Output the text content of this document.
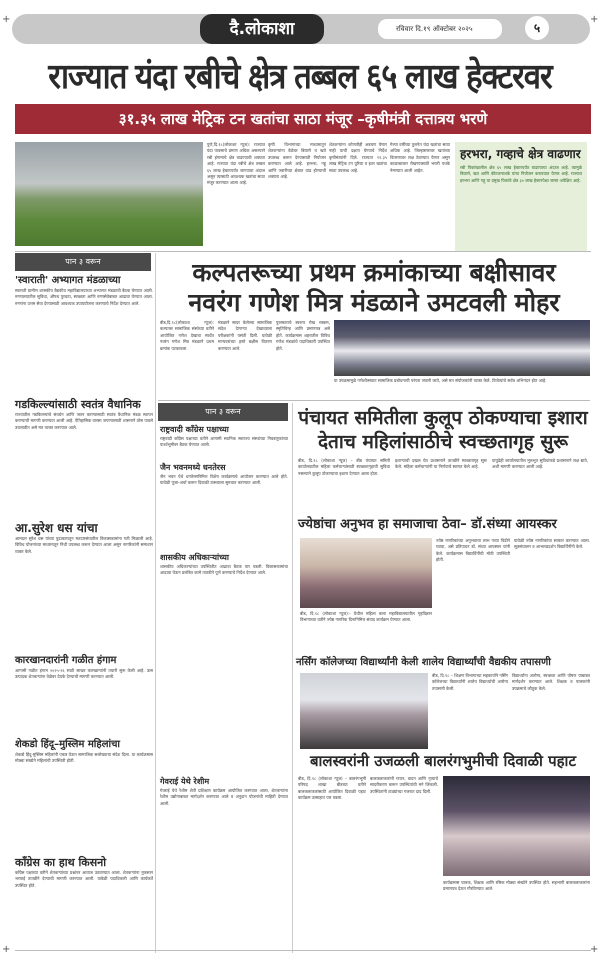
+	+
दै.लोकाशा	रविवार दि.१९ ऑक्टोबर २०२५	५
राज्यात यंदा रबीचे क्षेत्र तब्बल ६५ लाख हेक्टरवर
३१.३५ लाख मेट्रिक टन खतांचा साठा मंजूर –कृषीमंत्री दत्तात्रय भरणे
पुणे,दि.१८(लोकाशा न्यूज): राज्यात यंदा पावसाचे प्रमाण अधिक असल्याने रबी हंगामाचे क्षेत्र वाढण्याची शक्यता आहे. राज्यात यंदा रबीचे क्षेत्र तब्बल ६५ लाख हेक्टरपर्यंत जाण्याचा अंदाज असून त्यासाठी आवश्यक खतांचा साठा मंजूर करण्यात आला आहे.
कृषी विभागाच्या माध्यमातून शेतकऱ्यांना वेळेवर बियाणे व खते उपलब्ध करून देण्यासाठी नियोजन करण्यात आले आहे. हरभरा, गहू आणि ज्वारीच्या क्षेत्रात वाढ होण्याची शक्यता आहे.
शेतकऱ्यांना कोणतीही अडचण येणार नाही याची दक्षता घेण्याचे निर्देश कृषीमंत्र्यांनी दिले. राज्यात ११.३५ लाख मेट्रिक टन युरिया व इतर खतांचा साठा उपलब्ध आहे.
गेल्या वर्षीच्या तुलनेत यंदा खतांचा साठा अधिक आहे. जिल्हास्तरावर खतांच्या वितरणावर लक्ष ठेवण्यात येणार असून काळाबाजार रोखण्यासाठी भरारी पथके नेमण्यात आली आहेत.
हरभरा, गव्हाचे क्षेत्र वाढणार
रबी पिकांखालील क्षेत्र ६५ लाख हेक्टरपर्यंत वाढण्याचा अंदाज आहे. त्यामुळे बियाणे, खत आणि कीटकनाशके यांचा नियोजन करावयात येणार आहे. राज्यात हरभरा आणि गहू या प्रमुख पिकांचे क्षेत्र ३० लाख हेक्टरपेक्षा जास्त अपेक्षित आहे.
पान ३ वरून
'स्वाराती' अभ्यागत मंडळाच्या
स्वाराती ग्रामीण शासकीय वैद्यकीय महाविद्यालयाच्या अभ्यागत मंडळाची बैठक घेण्यात आली. रुग्णालयातील सुविधा, औषध पुरवठा, स्वच्छता आणि रुग्णसेवेबाबत आढावा घेण्यात आला. रुग्णांना उत्तम सेवा देण्यासाठी आवश्यक उपाययोजना करण्याचे निर्देश देण्यात आले.
गडकिल्ल्यांसाठी स्वतंत्र वैधानिक
राज्यातील गडकिल्ल्यांचे संवर्धन आणि जतन करण्यासाठी स्वतंत्र वैधानिक मंडळ स्थापन करण्याची मागणी करण्यात आली आहे. ऐतिहासिक वारसा जपण्यासाठी शासनाने ठोस पावले उचलावीत असे मत व्यक्त करण्यात आले.
आ.सुरेश धस यांचा
आमदार सुरेश धस यांच्या पुढाकारातून मतदारसंघातील विकासकामांना गती मिळाली आहे. विविध योजनांच्या माध्यमातून निधी उपलब्ध करून देण्यात आला असून नागरिकांनी समाधान व्यक्त केले.
कारखानदारांनी गळीत हंगाम
आगामी गळीत हंगाम २०२५-२६ साठी साखर कारखान्यांनी तयारी सुरू केली आहे. ऊस उत्पादक शेतकऱ्यांना वेळेवर देयके देण्याची मागणी करण्यात आली.
शेकडो हिंदू–मुस्लिम महिलांचा
शेकडो हिंदू-मुस्लिम महिलांनी एकत्र येऊन सामाजिक सलोख्याचा संदेश दिला. या कार्यक्रमास मोठ्या संख्येने महिलांची उपस्थिती होती.
काँग्रेस का हाथ किसनो
काँग्रेस पक्षाच्या वतीने शेतकऱ्यांच्या प्रश्नांवर आवाज उठवण्यात आला. शेतकऱ्यांना नुकसान भरपाई तातडीने देण्याची मागणी करण्यात आली. यावेळी पदाधिकारी आणि कार्यकर्ते उपस्थित होते.
कल्पतरूच्या प्रथम क्रमांकाच्या बक्षीसावर
नवरंग गणेश मित्र मंडळाने उमटवली मोहर
बीड,दि.१८(लोकाशा न्यूज): कल्पतरू सामाजिक संस्थेच्या वतीने आयोजित गणेश देखावा स्पर्धेत नवरंग गणेश मित्र मंडळाने प्रथम क्रमांक पटकावला.
मंडळाने सादर केलेल्या सामाजिक संदेश देणाऱ्या देखाव्याला परीक्षकांनी पसंती दिली. यावेळी मान्यवरांच्या हस्ते बक्षीस वितरण करण्यात आले.
पुरस्काराचे स्वरूप रोख रक्कम, स्मृतिचिन्ह आणि प्रमाणपत्र असे होते. कार्यक्रमास शहरातील विविध गणेश मंडळांचे पदाधिकारी उपस्थित होते.
या उपक्रमामुळे गणेशोत्सवात सामाजिक प्रबोधनाची परंपरा जपली जाते, असे मत संयोजकांनी व्यक्त केले. विजेत्यांचे सर्वत्र अभिनंदन होत आहे.
पान ३ वरून
राष्ट्रवादी काँग्रेस पक्षाच्या
राष्ट्रवादी काँग्रेस पक्षाच्या वतीने आगामी स्थानिक स्वराज्य संस्थांच्या निवडणुकांच्या पार्श्वभूमीवर बैठक घेण्यात आली.
जैन भवनमध्ये धनतेरस
जैन भवन येथे धनतेरसनिमित्त विशेष कार्यक्रमाचे आयोजन करण्यात आले होते. यावेळी पूजा-अर्चा करून दिवाळी उत्सवाला सुरुवात करण्यात आली.
शासकीय अधिकाऱ्यांच्या
शासकीय अधिकाऱ्यांच्या उपस्थितीत आढावा बैठक पार पडली. विकासकामांचा आढावा घेऊन प्रलंबित कामे तातडीने पूर्ण करण्याचे निर्देश देण्यात आले.
गेवराई येथे रेशीम
गेवराई येथे रेशीम शेती प्रशिक्षण कार्यक्रम आयोजित करण्यात आला. शेतकऱ्यांना रेशीम उद्योगाबाबत मार्गदर्शन करण्यात आले व अनुदान योजनांची माहिती देण्यात आली.
पंचायत समितीला कुलूप ठोकण्याचा इशारा
देताच महिलांसाठीचे स्वच्छतागृह सुरू
बीड, दि.१८ (लोकाशा न्यूज) – बीड पंचायत समिती कार्यालयातील महिला कर्मचाऱ्यांसाठी स्वच्छतागृहाची सुविधा नसल्याने कुलूप ठोकण्याचा इशारा देण्यात आला होता.
इशाऱ्याची दखल घेत प्रशासनाने तातडीने स्वच्छतागृह सुरू केले. महिला कर्मचाऱ्यांनी या निर्णयाचे स्वागत केले आहे.
यापुढेही कार्यालयातील मूलभूत सुविधांकडे प्रशासनाने लक्ष द्यावे, अशी मागणी करण्यात आली आहे.
ज्येष्ठांचा अनुभव हा समाजाचा ठेवा– डॉ.संध्या आयस्कर
ज्येष्ठ नागरिकांच्या अनुभवाचा लाभ नव्या पिढीने घ्यावा, असे प्रतिपादन डॉ. संध्या आयस्कर यांनी केले. कार्यक्रमास विद्यार्थिनींची मोठी उपस्थिती होती.
यावेळी ज्येष्ठ नागरिकांचा सत्कार करण्यात आला. सूत्रसंचालन व आभारप्रदर्शन विद्यार्थिनींनी केले.
बीड, दि.१८ (लोकाशा न्यूज):- येथील महिला कला महाविद्यालयातील गृहविज्ञान विभागाच्या वतीने ज्येष्ठ नागरिक दिनानिमित्त संवाद कार्यक्रम घेण्यात आला.
नर्सिंग कॉलेजच्या विद्यार्थ्यांनी केली शालेय विद्यार्थ्यांची वैद्यकीय तपासणी
बीड, दि.१८ – शिक्षण विभागाच्या सहकार्याने नर्सिंग कॉलेजच्या विद्यार्थ्यांनी शालेय विद्यार्थ्यांची आरोग्य तपासणी केली.
विद्यार्थ्यांना आरोग्य, स्वच्छता आणि पोषण याबाबत मार्गदर्शन करण्यात आले. शिक्षक व पालकांनी उपक्रमाचे कौतुक केले.
बालस्वरांनी उजळली बालरंगभुमीची दिवाळी पहाट
बीड, दि.१८ (लोकाशा न्यूज) – बालरंगभूमी परिषद शाखा बीडच्या वतीने बालकलाकारांसाठी आयोजित दिवाळी पहाट कार्यक्रम उत्साहात पार पडला.
बालकलाकारांनी गायन, वादन आणि नृत्याचे सादरीकरण करून उपस्थितांची मने जिंकली. उपस्थितांनी टाळ्यांच्या गजरात दाद दिली.
कार्यक्रमास पालक, शिक्षक आणि रसिक मोठ्या संख्येने उपस्थित होते. सहभागी बालकलाकारांना प्रमाणपत्र देऊन गौरविण्यात आले.
+	+
